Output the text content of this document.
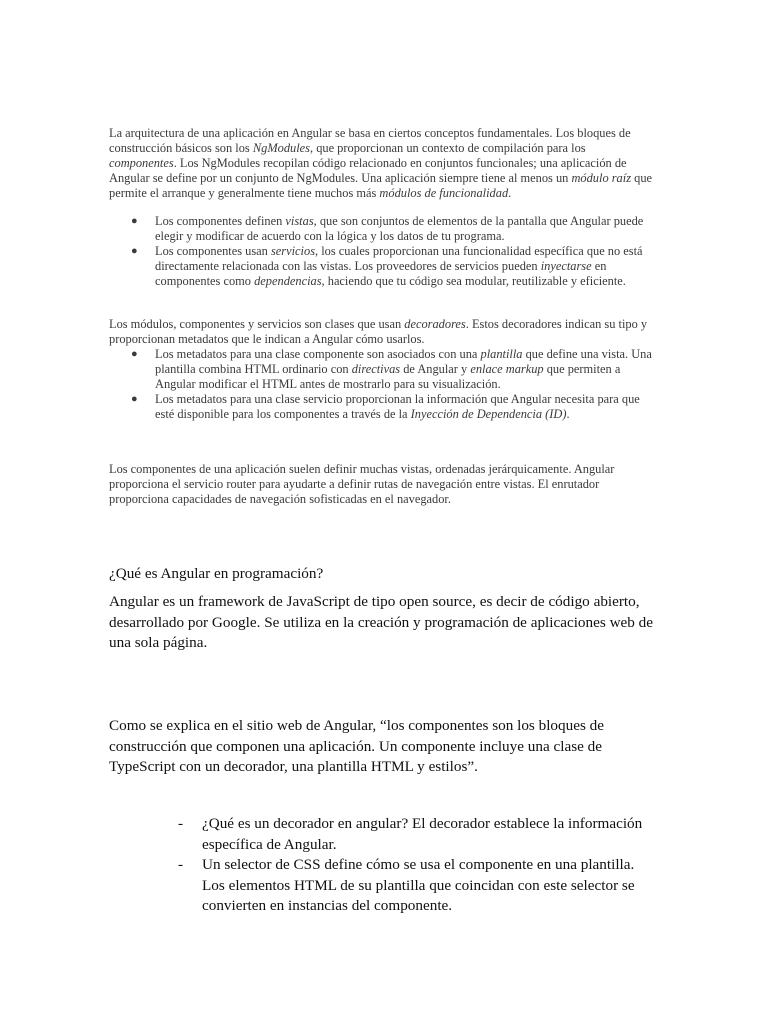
La arquitectura de una aplicación en Angular se basa en ciertos conceptos fundamentales. Los bloques de construcción básicos son los NgModules, que proporcionan un contexto de compilación para los componentes. Los NgModules recopilan código relacionado en conjuntos funcionales; una aplicación de Angular se define por un conjunto de NgModules. Una aplicación siempre tiene al menos un módulo raíz que permite el arranque y generalmente tiene muchos más módulos de funcionalidad.

● Los componentes definen vistas, que son conjuntos de elementos de la pantalla que Angular puede elegir y modificar de acuerdo con la lógica y los datos de tu programa.
● Los componentes usan servicios, los cuales proporcionan una funcionalidad específica que no está directamente relacionada con las vistas. Los proveedores de servicios pueden inyectarse en componentes como dependencias, haciendo que tu código sea modular, reutilizable y eficiente.

Los módulos, componentes y servicios son clases que usan decoradores. Estos decoradores indican su tipo y proporcionan metadatos que le indican a Angular cómo usarlos.

● Los metadatos para una clase componente son asociados con una plantilla que define una vista. Una plantilla combina HTML ordinario con directivas de Angular y enlace markup que permiten a Angular modificar el HTML antes de mostrarlo para su visualización.
● Los metadatos para una clase servicio proporcionan la información que Angular necesita para que esté disponible para los componentes a través de la Inyección de Dependencia (ID).

Los componentes de una aplicación suelen definir muchas vistas, ordenadas jerárquicamente. Angular proporciona el servicio router para ayudarte a definir rutas de navegación entre vistas. El enrutador proporciona capacidades de navegación sofisticadas en el navegador.

¿Qué es Angular en programación?

Angular es un framework de JavaScript de tipo open source, es decir de código abierto, desarrollado por Google. Se utiliza en la creación y programación de aplicaciones web de una sola página.

Como se explica en el sitio web de Angular, “los componentes son los bloques de construcción que componen una aplicación. Un componente incluye una clase de TypeScript con un decorador, una plantilla HTML y estilos”.

- ¿Qué es un decorador en angular? El decorador establece la información específica de Angular.
- Un selector de CSS define cómo se usa el componente en una plantilla. Los elementos HTML de su plantilla que coincidan con este selector se convierten en instancias del componente.
